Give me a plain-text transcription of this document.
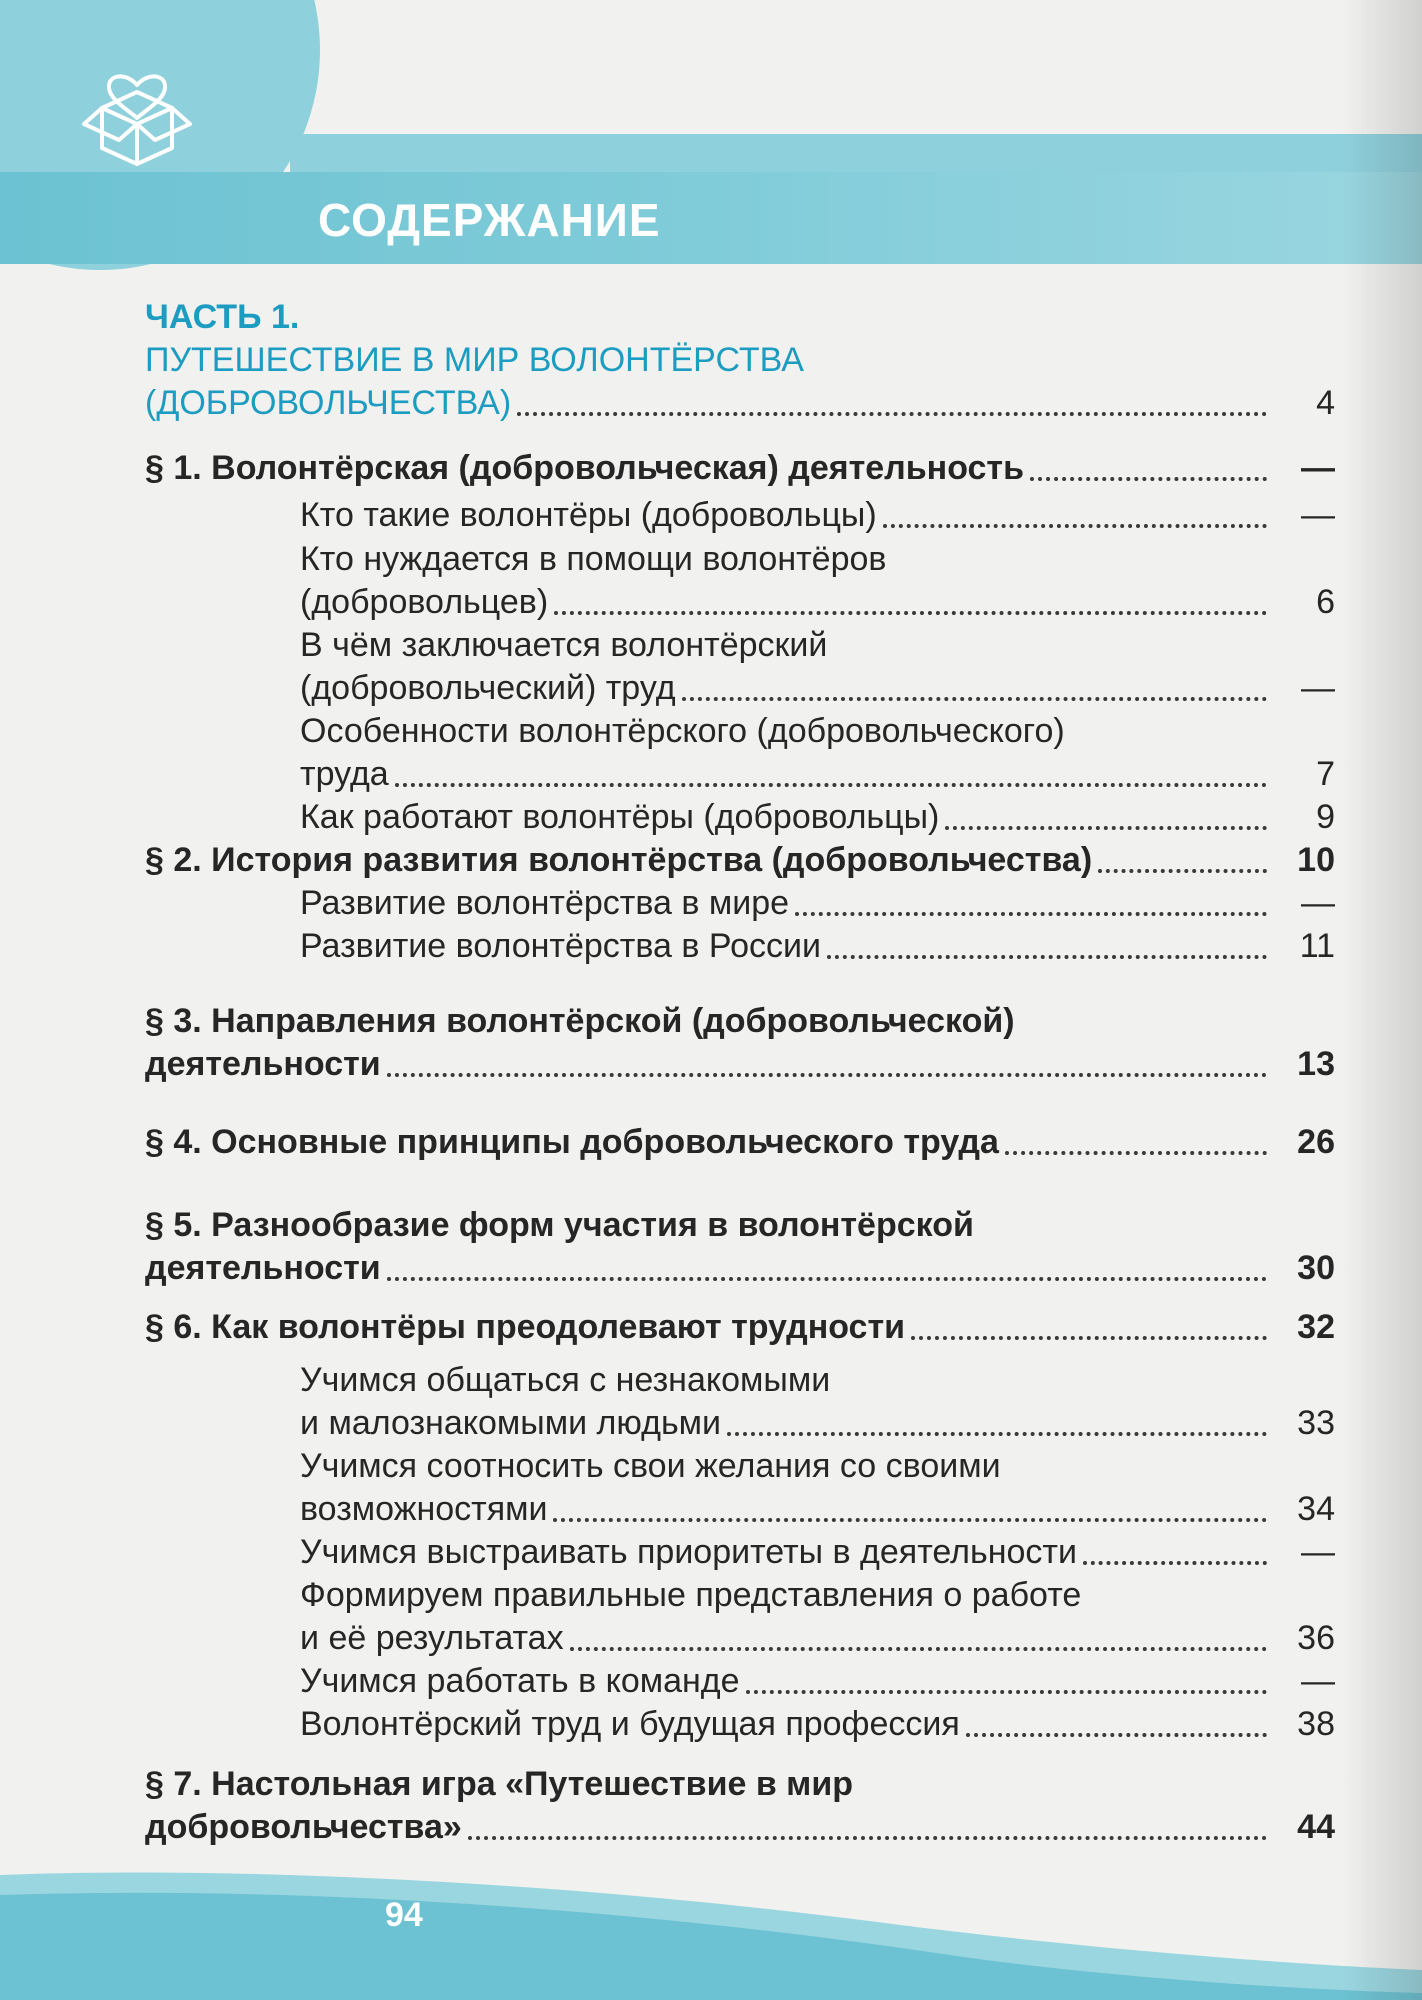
СОДЕРЖАНИЕ
ЧАСТЬ 1.
ПУТЕШЕСТВИЕ В МИР ВОЛОНТЁРСТВА
(ДОБРОВОЛЬЧЕСТВА)	4
§ 1. Волонтёрская (добровольческая) деятельность	—
Кто такие волонтёры (добровольцы)	—
Кто нуждается в помощи волонтёров
(добровольцев)	6
В чём заключается волонтёрский
(добровольческий) труд	—
Особенности волонтёрского (добровольческого)
труда	7
Как работают волонтёры (добровольцы)	9
§ 2. История развития волонтёрства (добровольчества)	10
Развитие волонтёрства в мире	—
Развитие волонтёрства в России	11
§ 3. Направления волонтёрской (добровольческой)
деятельности	13
§ 4. Основные принципы добровольческого труда	26
§ 5. Разнообразие форм участия в волонтёрской
деятельности	30
§ 6. Как волонтёры преодолевают трудности	32
Учимся общаться с незнакомыми
и малознакомыми людьми	33
Учимся соотносить свои желания со своими
возможностями	34
Учимся выстраивать приоритеты в деятельности	—
Формируем правильные представления о работе
и её результатах	36
Учимся работать в команде	—
Волонтёрский труд и будущая профессия	38
§ 7. Настольная игра «Путешествие в мир
добровольчества»	44
94
